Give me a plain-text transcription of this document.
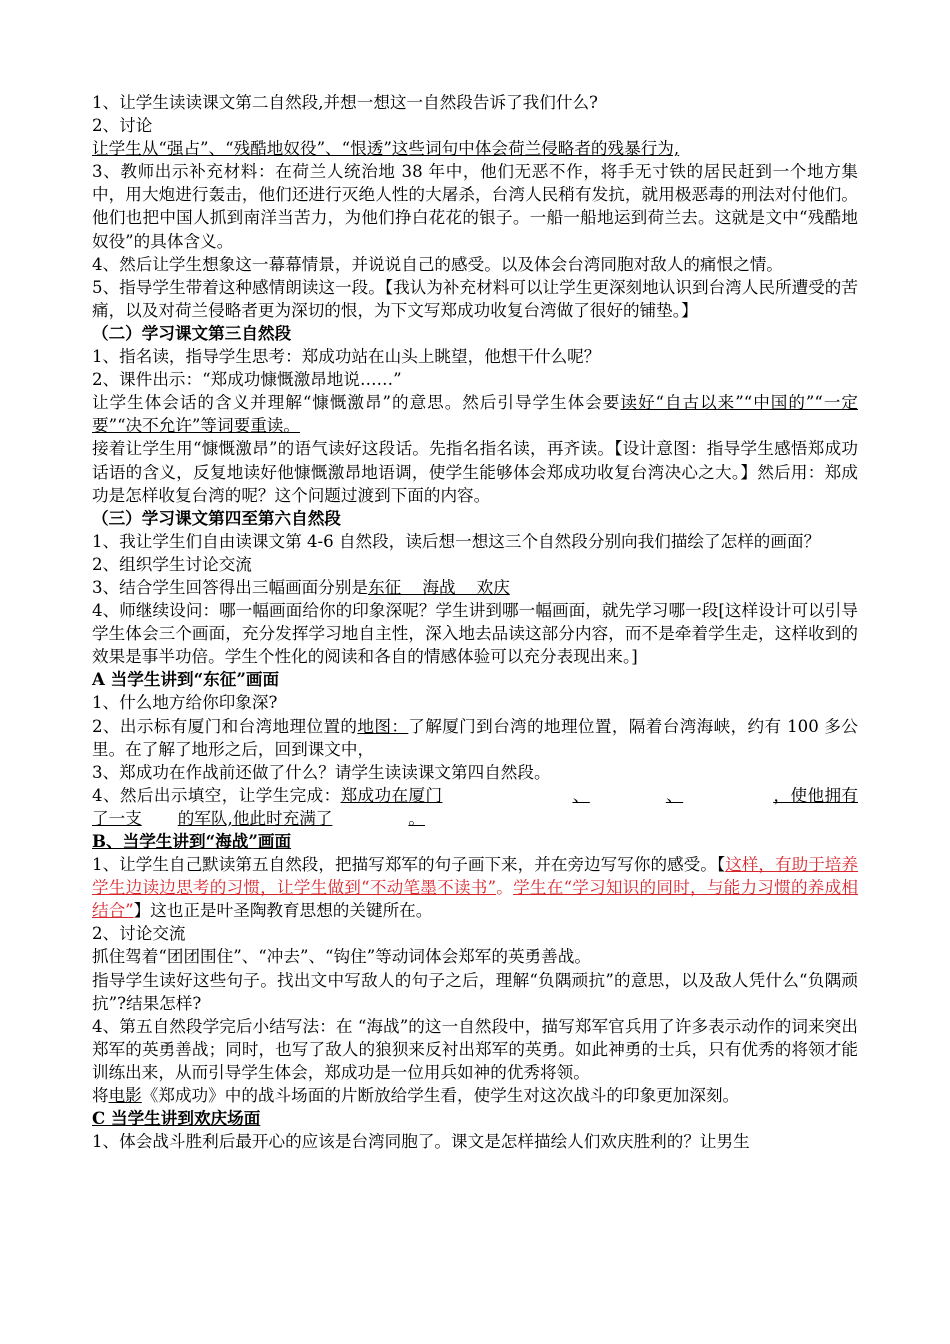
1、让学生读读课文第二自然段,并想一想这一自然段告诉了我们什么?

2、讨论

让学生从“强占”、“残酷地奴役”、“恨透”这些词句中体会荷兰侵略者的残暴行为,

3、教师出示补充材料：在荷兰人统治地 38 年中，他们无恶不作，将手无寸铁的居民赶到一个地方集中，用大炮进行轰击，他们还进行灭绝人性的大屠杀，台湾人民稍有发抗，就用极恶毒的刑法对付他们。他们也把中国人抓到南洋当苦力，为他们挣白花花的银子。一船一船地运到荷兰去。这就是文中“残酷地奴役”的具体含义。

4、然后让学生想象这一幕幕情景，并说说自己的感受。以及体会台湾同胞对敌人的痛恨之情。

5、指导学生带着这种感情朗读这一段。【我认为补充材料可以让学生更深刻地认识到台湾人民所遭受的苦痛，以及对荷兰侵略者更为深切的恨，为下文写郑成功收复台湾做了很好的铺垫。】

（二）学习课文第三自然段

1、指名读，指导学生思考：郑成功站在山头上眺望，他想干什么呢？

2、课件出示：“郑成功慷慨激昂地说……”

让学生体会话的含义并理解“慷慨激昂”的意思。然后引导学生体会要读好“自古以来”“中国的”“一定要”“决不允许”等词要重读。

接着让学生用“慷慨激昂”的语气读好这段话。先指名指名读，再齐读。【设计意图：指导学生感悟郑成功话语的含义，反复地读好他慷慨激昂地语调，使学生能够体会郑成功收复台湾决心之大。】然后用：郑成功是怎样收复台湾的呢？这个问题过渡到下面的内容。

（三）学习课文第四至第六自然段

1、我让学生们自由读课文第 4-6 自然段，读后想一想这三个自然段分别向我们描绘了怎样的画面？

2、组织学生讨论交流

3、结合学生回答得出三幅画面分别是东征    海战    欢庆

4、师继续设问：哪一幅画面给你的印象深呢？学生讲到哪一幅画面，就先学习哪一段[这样设计可以引导学生体会三个画面，充分发挥学习地自主性，深入地去品读这部分内容，而不是牵着学生走，这样收到的效果是事半功倍。学生个性化的阅读和各自的情感体验可以充分表现出来。]

A 当学生讲到“东征”画面

1、什么地方给你印象深?

2、出示标有厦门和台湾地理位置的地图：了解厦门到台湾的地理位置，隔着台湾海峡，约有 100 多公里。在了解了地形之后，回到课文中，

3、郑成功在作战前还做了什么？请学生读读课文第四自然段。

4、然后出示填空，让学生完成：郑成功在厦门	、	、	，使他拥有了一支 的军队,他此时充满了	。

B、当学生讲到“海战”画面

1、让学生自己默读第五自然段，把描写郑军的句子画下来，并在旁边写写你的感受。【这样，有助于培养学生边读边思考的习惯，让学生做到“不动笔墨不读书”。学生在“学习知识的同时，与能力习惯的养成相结合”】这也正是叶圣陶教育思想的关键所在。

2、讨论交流

抓住驾着“团团围住”、“冲去”、“钩住”等动词体会郑军的英勇善战。

指导学生读好这些句子。找出文中写敌人的句子之后，理解“负隅顽抗”的意思，以及敌人凭什么“负隅顽抗”?结果怎样?

4、第五自然段学完后小结写法：在 “海战”的这一自然段中，描写郑军官兵用了许多表示动作的词来突出郑军的英勇善战；同时，也写了敌人的狼狈来反衬出郑军的英勇。如此神勇的士兵，只有优秀的将领才能训练出来，从而引导学生体会，郑成功是一位用兵如神的优秀将领。

将电影《郑成功》中的战斗场面的片断放给学生看，使学生对这次战斗的印象更加深刻。

C 当学生讲到欢庆场面

1、体会战斗胜利后最开心的应该是台湾同胞了。课文是怎样描绘人们欢庆胜利的？让男生
